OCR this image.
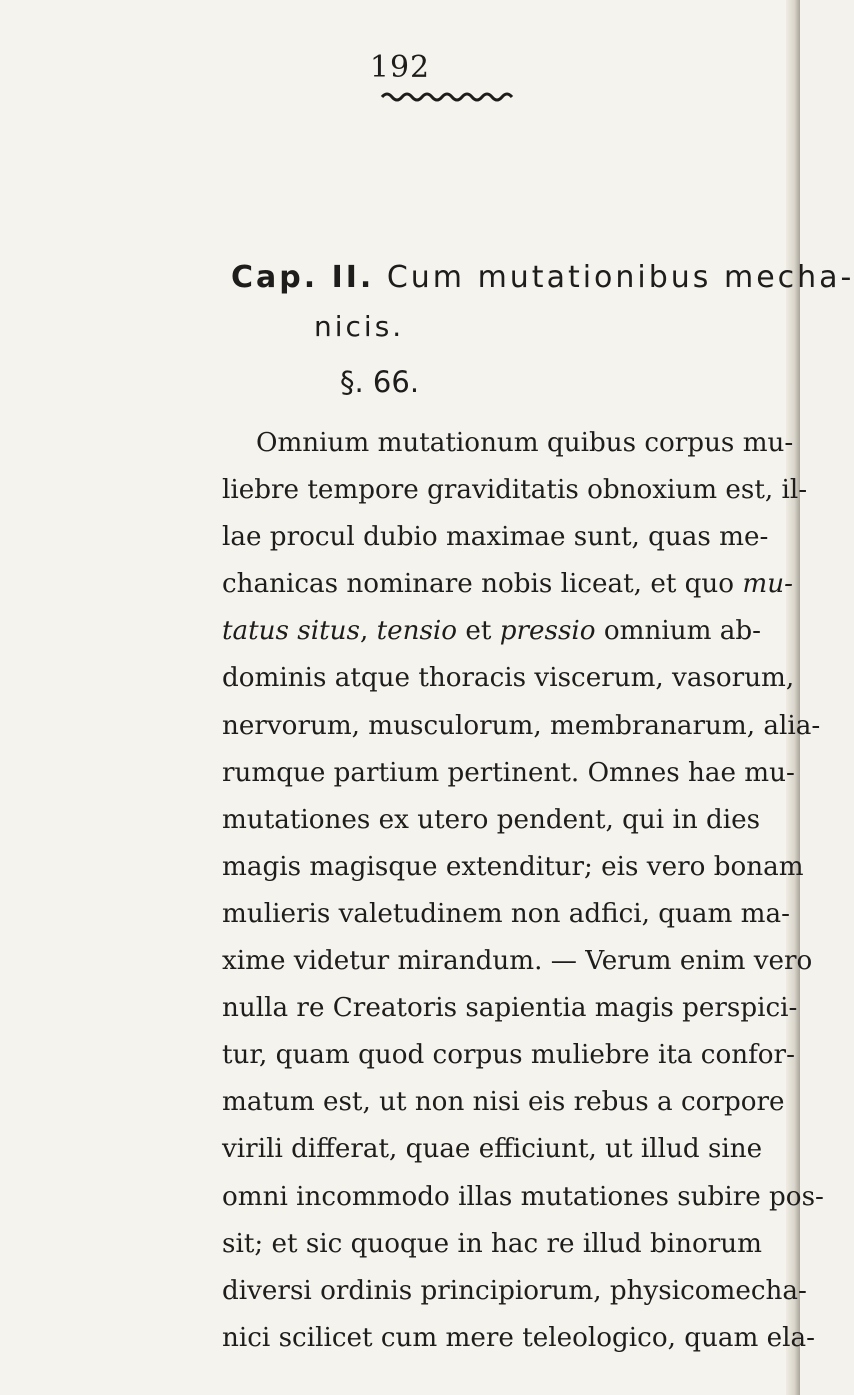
192
Cap. II. Cum mutationibus mecha-
nicis.
§. 66.
Omnium mutationum quibus corpus mu-
liebre tempore graviditatis obnoxium est, il-
lae procul dubio maximae sunt, quas me-
chanicas nominare nobis liceat, et quo mu-
tatus situs, tensio et pressio omnium ab-
dominis atque thoracis viscerum, vasorum,
nervorum, musculorum, membranarum, alia-
rumque partium pertinent. Omnes hae mu-
mutationes ex utero pendent, qui in dies
magis magisque extenditur; eis vero bonam
mulieris valetudinem non adfici, quam ma-
xime videtur mirandum. — Verum enim vero
nulla re Creatoris sapientia magis perspici-
tur, quam quod corpus muliebre ita confor-
matum est, ut non nisi eis rebus a corpore
virili differat, quae efficiunt, ut illud sine
omni incommodo illas mutationes subire pos-
sit; et sic quoque in hac re illud binorum
diversi ordinis principiorum, physicomecha-
nici scilicet cum mere teleologico, quam ela-
